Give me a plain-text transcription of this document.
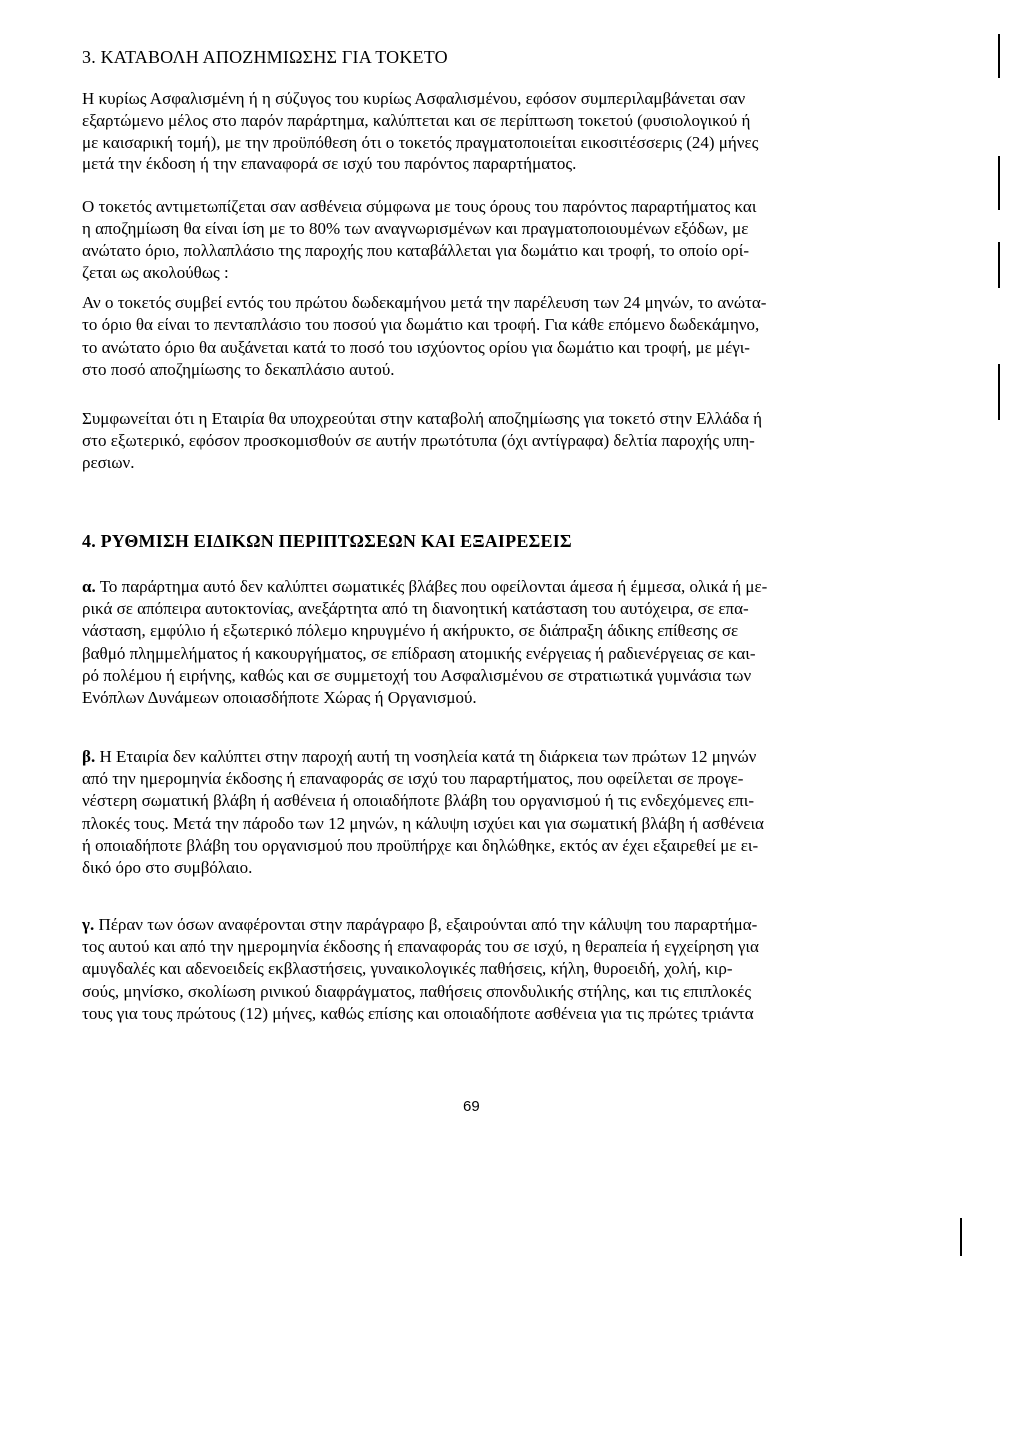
3. ΚΑΤΑΒΟΛΗ ΑΠΟΖΗΜΙΩΣΗΣ ΓΙΑ ΤΟΚΕΤΟ

Η κυρίως Ασφαλισμένη ή η σύζυγος του κυρίως Ασφαλισμένου, εφόσον συμπεριλαμβάνεται σαν
εξαρτώμενο μέλος στο παρόν παράρτημα, καλύπτεται και σε περίπτωση τοκετού (φυσιολογικού ή
με καισαρική τομή), με την προϋπόθεση ότι ο τοκετός πραγματοποιείται εικοσιτέσσερις (24) μήνες
μετά την έκδοση ή την επαναφορά σε ισχύ του παρόντος παραρτήματος.

Ο τοκετός αντιμετωπίζεται σαν ασθένεια σύμφωνα με τους όρους του παρόντος παραρτήματος και
η αποζημίωση θα είναι ίση με το 80% των αναγνωρισμένων και πραγματοποιουμένων εξόδων, με
ανώτατο όριο, πολλαπλάσιο της παροχής που καταβάλλεται για δωμάτιο και τροφή, το οποίο ορί-
ζεται ως ακολούθως :

Αν ο τοκετός συμβεί εντός του πρώτου δωδεκαμήνου μετά την παρέλευση των 24 μηνών, το ανώτα-
το όριο θα είναι το πενταπλάσιο του ποσού για δωμάτιο και τροφή. Για κάθε επόμενο δωδεκάμηνο,
το ανώτατο όριο θα αυξάνεται κατά το ποσό του ισχύοντος ορίου για δωμάτιο και τροφή, με μέγι-
στο ποσό αποζημίωσης το δεκαπλάσιο αυτού.

Συμφωνείται ότι η Εταιρία θα υποχρεούται στην καταβολή αποζημίωσης για τοκετό στην Ελλάδα ή
στο εξωτερικό, εφόσον προσκομισθούν σε αυτήν πρωτότυπα (όχι αντίγραφα) δελτία παροχής υπη-
ρεσιων.

4. ΡΥΘΜΙΣΗ ΕΙΔΙΚΩΝ ΠΕΡΙΠΤΩΣΕΩΝ ΚΑΙ ΕΞΑΙΡΕΣΕΙΣ

α. Το παράρτημα αυτό δεν καλύπτει σωματικές βλάβες που οφείλονται άμεσα ή έμμεσα, ολικά ή με-
ρικά σε απόπειρα αυτοκτονίας, ανεξάρτητα από τη διανοητική κατάσταση του αυτόχειρα, σε επα-
νάσταση, εμφύλιο ή εξωτερικό πόλεμο κηρυγμένο ή ακήρυκτο, σε διάπραξη άδικης επίθεσης σε
βαθμό πλημμελήματος ή κακουργήματος, σε επίδραση ατομικής ενέργειας ή ραδιενέργειας σε και-
ρό πολέμου ή ειρήνης, καθώς και σε συμμετοχή του Ασφαλισμένου σε στρατιωτικά γυμνάσια των
Ενόπλων Δυνάμεων οποιασδήποτε Χώρας ή Οργανισμού.

β. Η Εταιρία δεν καλύπτει στην παροχή αυτή τη νοσηλεία κατά τη διάρκεια των πρώτων 12 μηνών
από την ημερομηνία έκδοσης ή επαναφοράς σε ισχύ του παραρτήματος, που οφείλεται σε προγε-
νέστερη σωματική βλάβη ή ασθένεια ή οποιαδήποτε βλάβη του οργανισμού ή τις ενδεχόμενες επι-
πλοκές τους. Μετά την πάροδο των 12 μηνών, η κάλυψη ισχύει και για σωματική βλάβη ή ασθένεια
ή οποιαδήποτε βλάβη του οργανισμού που προϋπήρχε και δηλώθηκε, εκτός αν έχει εξαιρεθεί με ει-
δικό όρο στο συμβόλαιο.

γ. Πέραν των όσων αναφέρονται στην παράγραφο β, εξαιρούνται από την κάλυψη του παραρτήμα-
τος αυτού και από την ημερομηνία έκδοσης ή επαναφοράς του σε ισχύ, η θεραπεία ή εγχείρηση για
αμυγδαλές και αδενοειδείς εκβλαστήσεις, γυναικολογικές παθήσεις, κήλη, θυροειδή, χολή, κιρ-
σούς, μηνίσκο, σκολίωση ρινικού διαφράγματος, παθήσεις σπονδυλικής στήλης, και τις επιπλοκές
τους για τους πρώτους (12) μήνες, καθώς επίσης και οποιαδήποτε ασθένεια για τις πρώτες τριάντα

69
